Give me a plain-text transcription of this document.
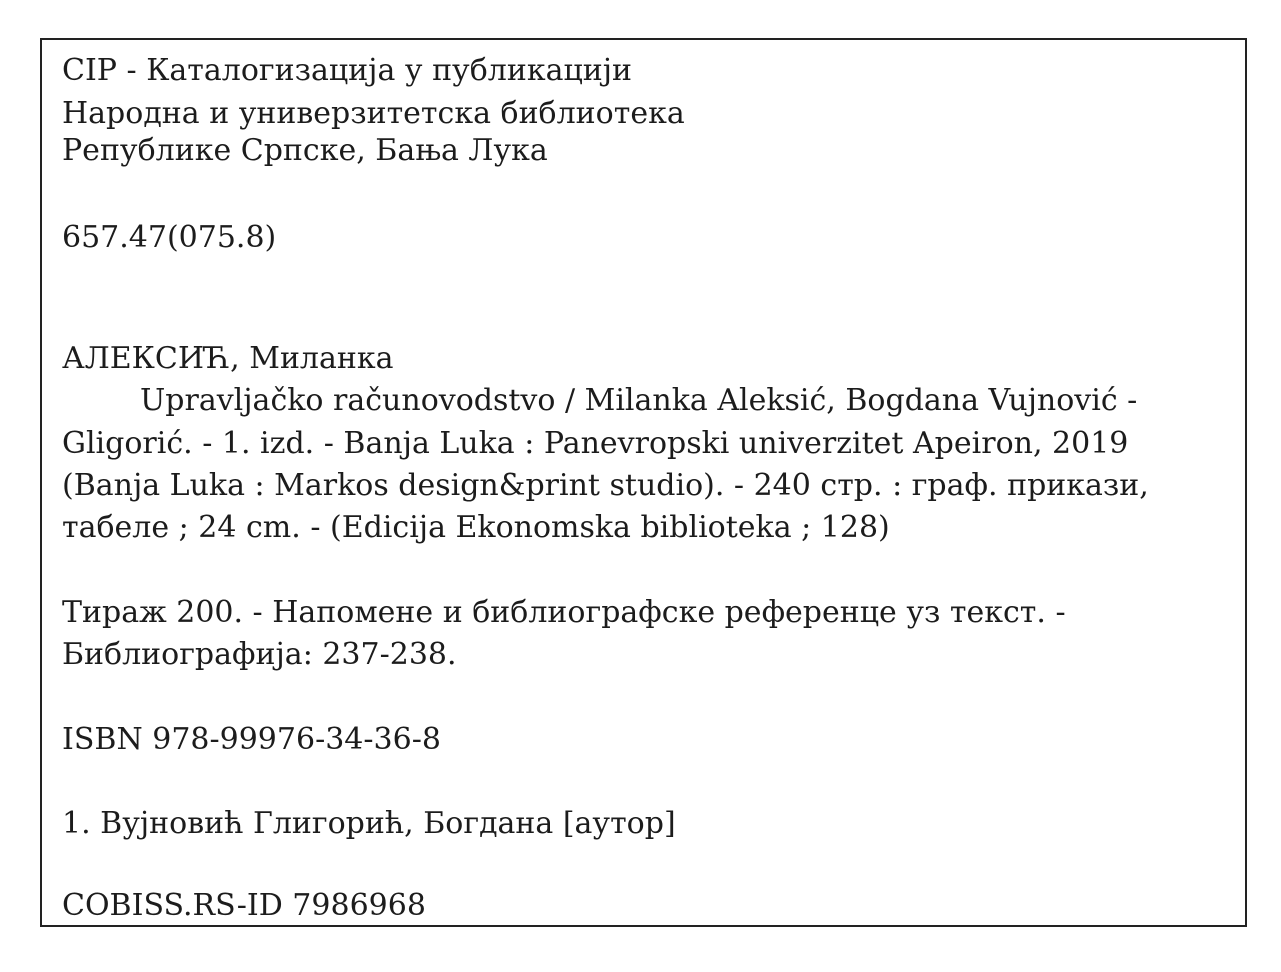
CIP - Каталогизација у публикацији
Народна и универзитетска библиотека
Републике Српске, Бања Лука
657.47(075.8)
АЛЕКСИЋ, Миланка
Upravljačko računovodstvo / Milanka Aleksić, Bogdana Vujnović -
Gligorić. - 1. izd. - Banja Luka : Panevropski univerzitet Apeiron, 2019
(Banja Luka : Markos design&print studio). - 240 стр. : граф. прикази,
табеле ; 24 cm. - (Edicija Ekonomska biblioteka ; 128)
Тираж 200. - Напомене и библиографске референце уз текст. -
Библиографија: 237-238.
ISBN 978-99976-34-36-8
1. Вујновић Глигорић, Богдана [аутор]
COBISS.RS-ID 7986968
